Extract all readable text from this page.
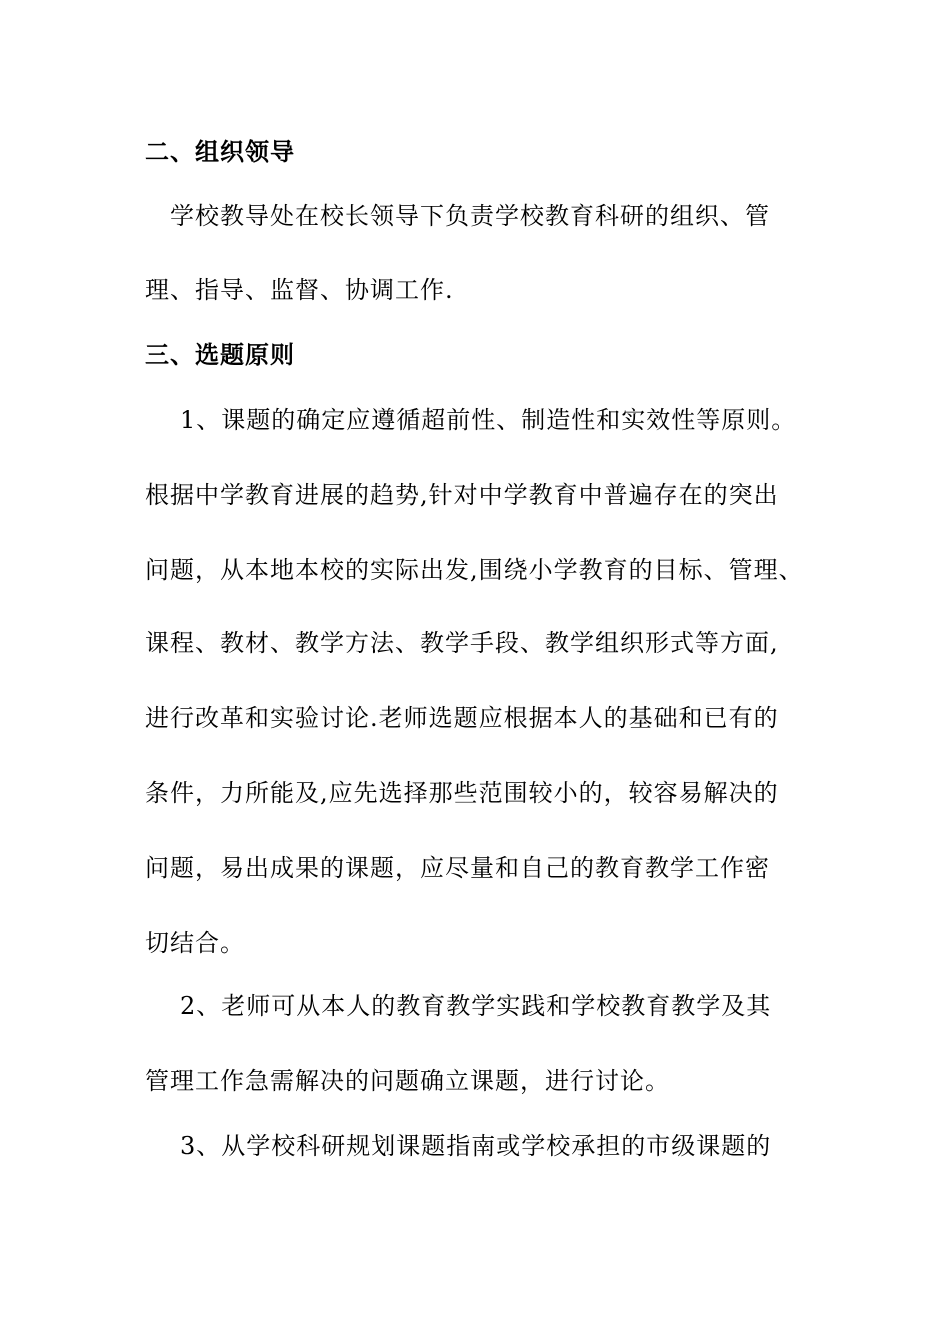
二、组织领导
学校教导处在校长领导下负责学校教育科研的组织、管
理、指导、监督、协调工作.
三、选题原则
1、课题的确定应遵循超前性、制造性和实效性等原则。
根据中学教育进展的趋势,针对中学教育中普遍存在的突出
问题，从本地本校的实际出发,围绕小学教育的目标、管理、
课程、教材、教学方法、教学手段、教学组织形式等方面,
进行改革和实验讨论.老师选题应根据本人的基础和已有的
条件，力所能及,应先选择那些范围较小的，较容易解决的
问题，易出成果的课题，应尽量和自己的教育教学工作密
切结合。
2、老师可从本人的教育教学实践和学校教育教学及其
管理工作急需解决的问题确立课题，进行讨论。
3、从学校科研规划课题指南或学校承担的市级课题的
